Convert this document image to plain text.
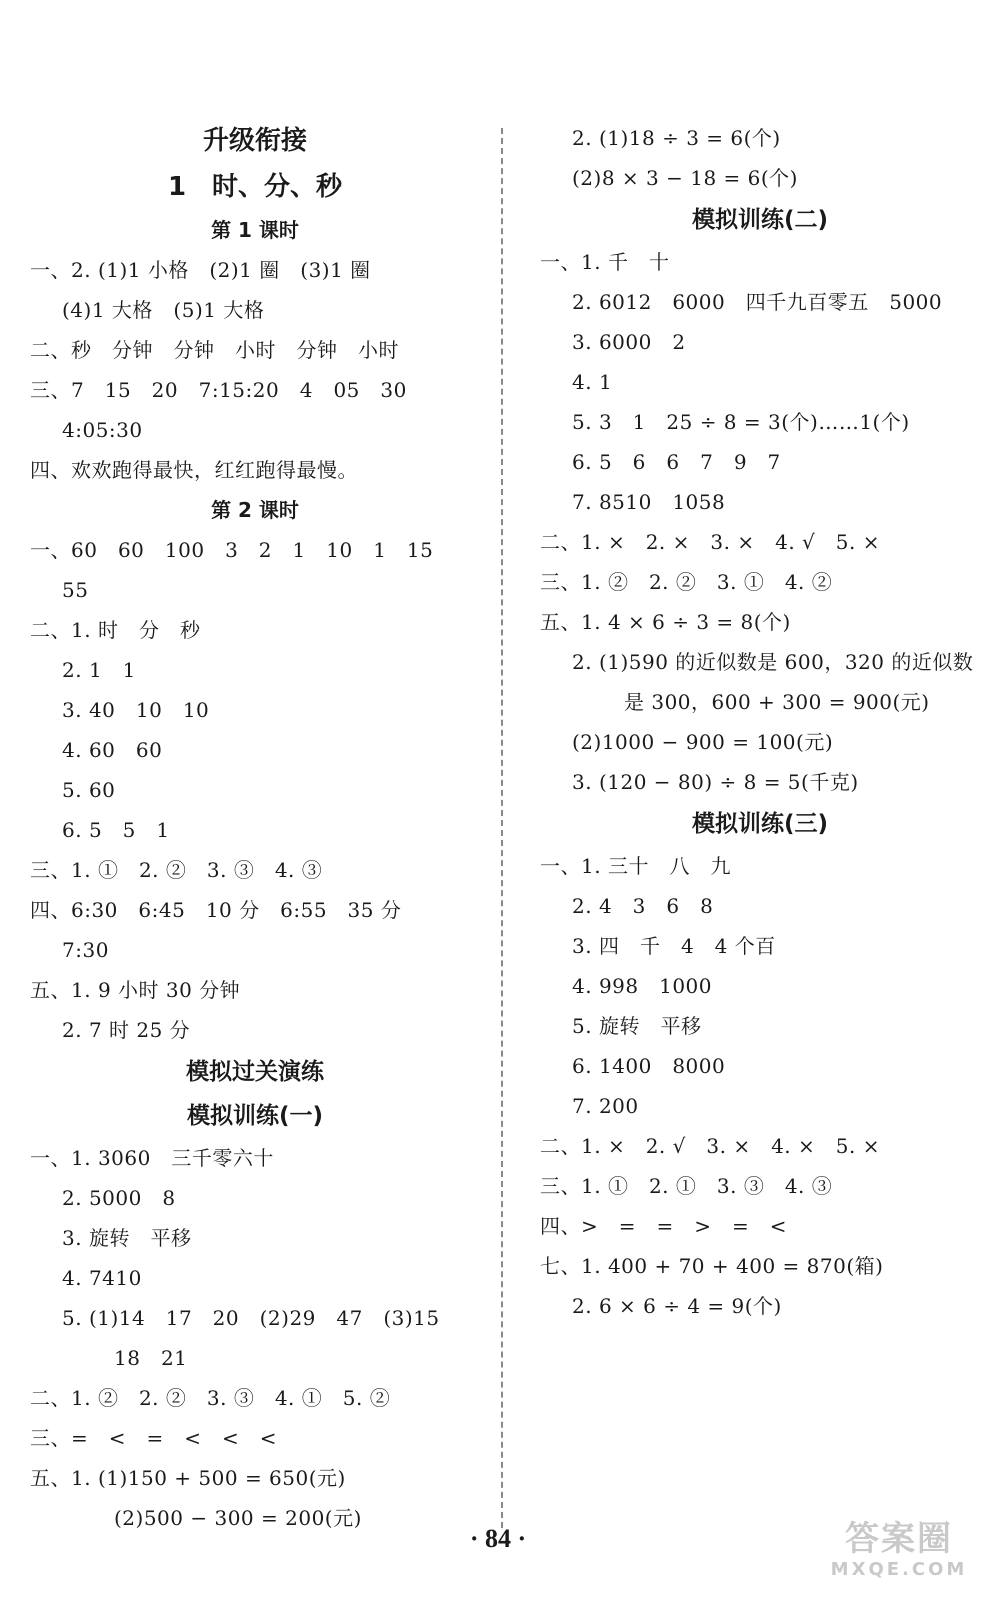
升级衔接
1　时、分、秒
第 1 课时
一、2. (1)1 小格　(2)1 圈　(3)1 圈
(4)1 大格　(5)1 大格
二、秒　分钟　分钟　小时　分钟　小时
三、7　15　20　7:15:20　4　05　30
4:05:30
四、欢欢跑得最快，红红跑得最慢。
第 2 课时
一、60　60　100　3　2　1　10　1　15
55
二、1. 时　分　秒
2. 1　1
3. 40　10　10
4. 60　60
5. 60
6. 5　5　1
三、1. ①　2. ②　3. ③　4. ③
四、6:30　6:45　10 分　6:55　35 分
7:30
五、1. 9 小时 30 分钟
2. 7 时 25 分
模拟过关演练
模拟训练(一)
一、1. 3060　三千零六十
2. 5000　8
3. 旋转　平移
4. 7410
5. (1)14　17　20　(2)29　47　(3)15
18　21
二、1. ②　2. ②　3. ③　4. ①　5. ②
三、=　<　=　<　<　<
五、1. (1)150 + 500 = 650(元)
(2)500 − 300 = 200(元)
2. (1)18 ÷ 3 = 6(个)
(2)8 × 3 − 18 = 6(个)
模拟训练(二)
一、1. 千　十
2. 6012　6000　四千九百零五　5000
3. 6000　2
4. 1
5. 3　1　25 ÷ 8 = 3(个)……1(个)
6. 5　6　6　7　9　7
7. 8510　1058
二、1. ×　2. ×　3. ×　4. √　5. ×
三、1. ②　2. ②　3. ①　4. ②
五、1. 4 × 6 ÷ 3 = 8(个)
2. (1)590 的近似数是 600，320 的近似数
是 300，600 + 300 = 900(元)
(2)1000 − 900 = 100(元)
3. (120 − 80) ÷ 8 = 5(千克)
模拟训练(三)
一、1. 三十　八　九
2. 4　3　6　8
3. 四　千　4　4 个百
4. 998　1000
5. 旋转　平移
6. 1400　8000
7. 200
二、1. ×　2. √　3. ×　4. ×　5. ×
三、1. ①　2. ①　3. ③　4. ③
四、>　=　=　>　=　<
七、1. 400 + 70 + 400 = 870(箱)
2. 6 × 6 ÷ 4 = 9(个)
· 84 ·	答案圈
MXQE.COM
